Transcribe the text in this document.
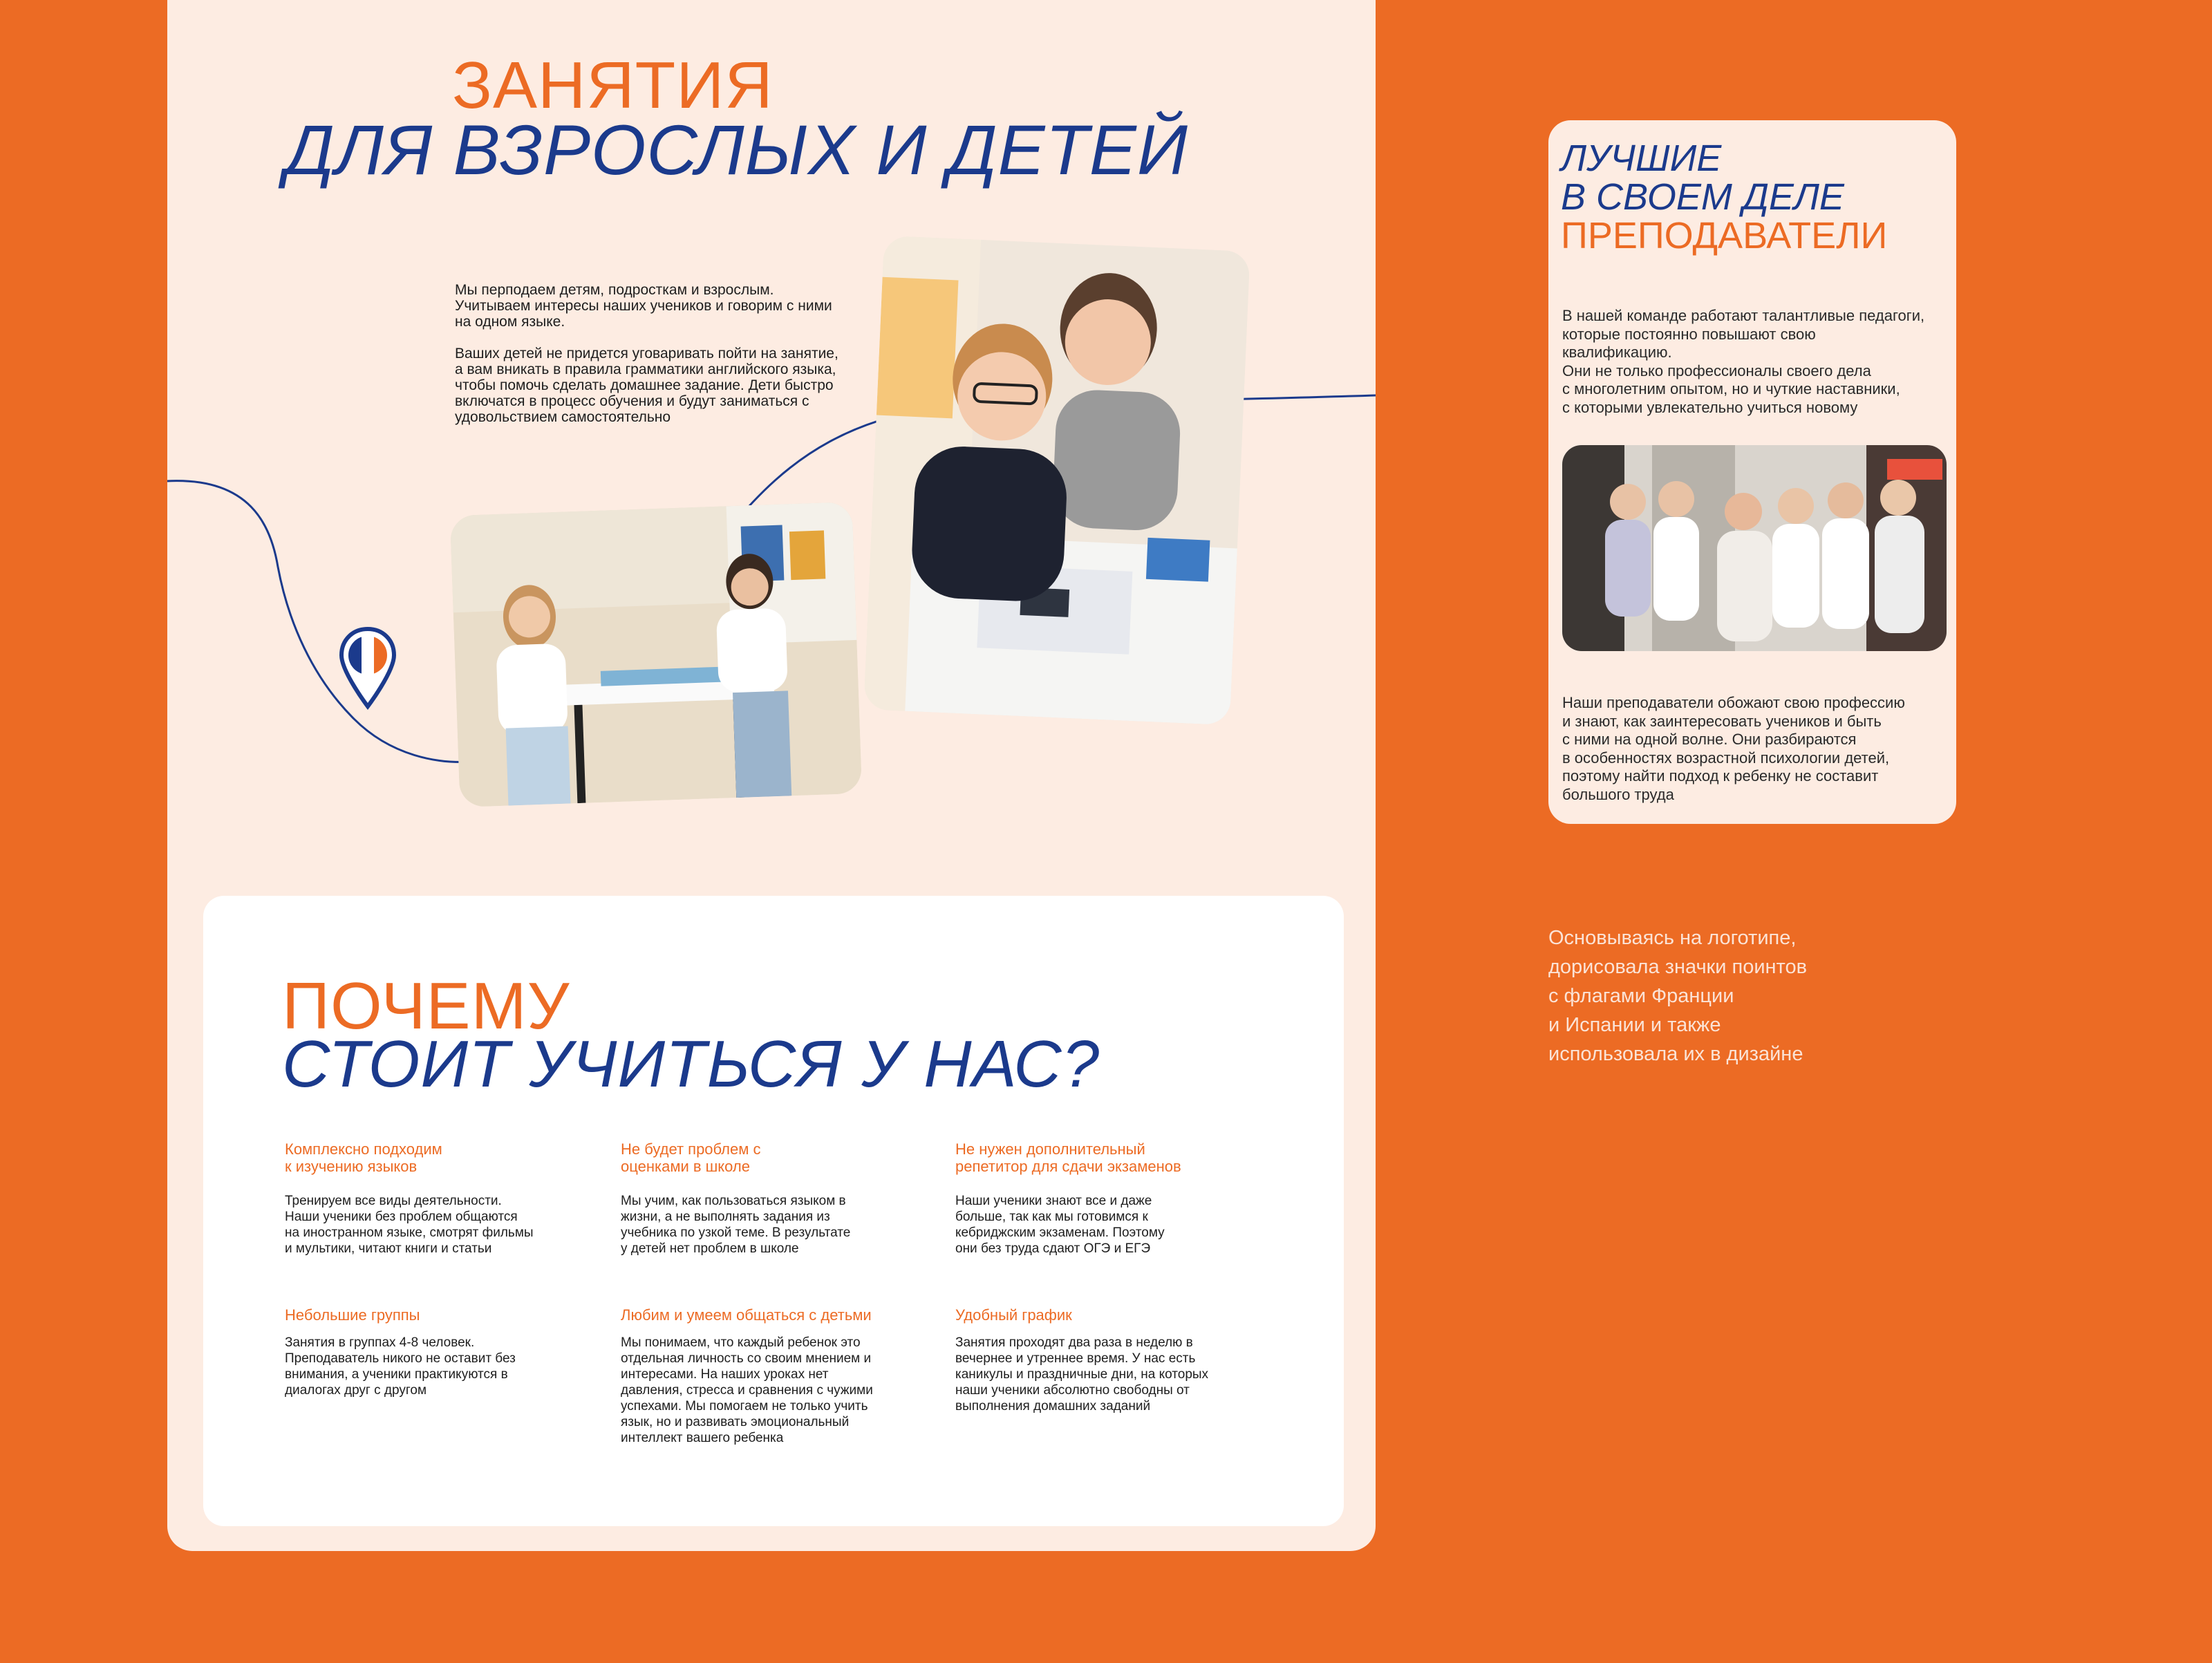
ЗАНЯТИЯ
ДЛЯ ВЗРОСЛЫХ И ДЕТЕЙ

Мы перподаем детям, подросткам и взрослым.
Учитываем интересы наших учеников и говорим с ними
на одном языке.

Ваших детей не придется уговаривать пойти на занятие,
а вам вникать в правила грамматики английского языка,
чтобы помочь сделать домашнее задание. Дети быстро
включатся в процесс обучения и будут заниматься с
удовольствием самостоятельно

ПОЧЕМУ
СТОИТ УЧИТЬСЯ У НАС?

Комплексно подходим
к изучению языков

Тренируем все виды деятельности.
Наши ученики без проблем общаются
на иностранном языке, смотрят фильмы
и мультики, читают книги и статьи

Не будет проблем с
оценками в школе

Мы учим, как пользоваться языком в
жизни, а не выполнять задания из
учебника по узкой теме. В результате
у детей нет проблем в школе

Не нужен дополнительный
репетитор для сдачи экзаменов

Наши ученики знают все и даже
больше, так как мы готовимся к
кебриджским экзаменам. Поэтому
они без труда сдают ОГЭ и ЕГЭ

Небольшие группы

Занятия в группах 4-8 человек.
Преподаватель никого не оставит без
внимания, а ученики практикуются в
диалогах друг с другом

Любим и умеем общаться с детьми

Мы понимаем, что каждый ребенок это
отдельная личность со своим мнением и
интересами. На наших уроках нет
давления, стресса и сравнения с чужими
успехами. Мы помогаем не только учить
язык, но и развивать эмоциональный
интеллект вашего ребенка

Удобный график

Занятия проходят два раза в неделю в
вечернее и утреннее время. У нас есть
каникулы и праздничные дни, на которых
наши ученики абсолютно свободны от
выполнения домашних заданий

ЛУЧШИЕ
В СВОЕМ ДЕЛЕ
ПРЕПОДАВАТЕЛИ

В нашей команде работают талантливые педагоги,
которые постоянно повышают свою
квалификацию.
Они не только профессионалы своего дела
с многолетним опытом, но и чуткие наставники,
с которыми увлекательно учиться новому

Наши преподаватели обожают свою профессию
и знают, как заинтересовать учеников и быть
с ними на одной волне. Они разбираются
в особенностях возрастной психологии детей,
поэтому найти подход к ребенку не составит
большого труда

Основываясь на логотипе,
дорисовала значки поинтов
с флагами Франции
и Испании и также
использовала их в дизайне
